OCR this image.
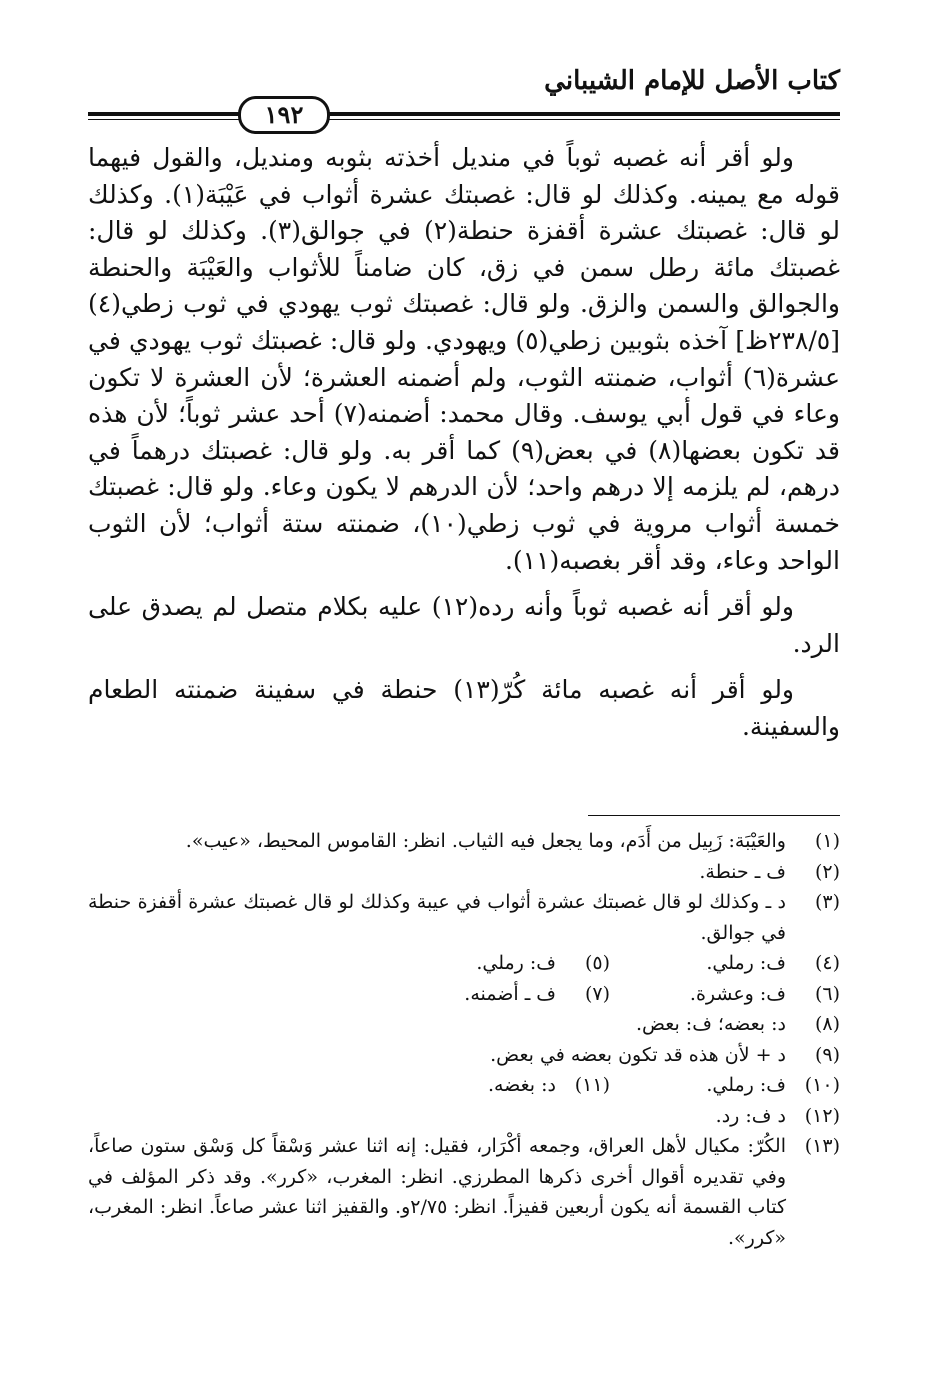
كتاب الأصل للإمام الشيباني
١٩٢

ولو أقر أنه غصبه ثوباً في منديل أخذته بثوبه ومنديل، والقول فيهما قوله مع يمينه. وكذلك لو قال: غصبتك عشرة أثواب في عَيْبَة(١). وكذلك لو قال: غصبتك عشرة أقفزة حنطة(٢) في جوالق(٣). وكذلك لو قال: غصبتك مائة رطل سمن في زق، كان ضامناً للأثواب والعَيْبَة والحنطة والجوالق والسمن والزق. ولو قال: غصبتك ثوب يهودي في ثوب زطي(٤) [٢٣٨/٥ظ] آخذه بثوبين زطي(٥) ويهودي. ولو قال: غصبتك ثوب يهودي في عشرة(٦) أثواب، ضمنته الثوب، ولم أضمنه العشرة؛ لأن العشرة لا تكون وعاء في قول أبي يوسف. وقال محمد: أضمنه(٧) أحد عشر ثوباً؛ لأن هذه قد تكون بعضها(٨) في بعض(٩) كما أقر به. ولو قال: غصبتك درهماً في درهم، لم يلزمه إلا درهم واحد؛ لأن الدرهم لا يكون وعاء. ولو قال: غصبتك خمسة أثواب مروية في ثوب زطي(١٠)، ضمنته ستة أثواب؛ لأن الثوب الواحد وعاء، وقد أقر بغصبه(١١).

ولو أقر أنه غصبه ثوباً وأنه رده(١٢) عليه بكلام متصل لم يصدق على الرد.

ولو أقر أنه غصبه مائة كُرّ(١٣) حنطة في سفينة ضمنته الطعام والسفينة.

(١)
والعَيْبَة: زَبِيل من أَدَم، وما يجعل فيه الثياب. انظر: القاموس المحيط، «عيب».
(٢)
ف ـ حنطة.
(٣)
د ـ وكذلك لو قال غصبتك عشرة أثواب في عيبة وكذلك لو قال غصبتك عشرة أقفزة حنطة في جوالق.
(٤)
ف: رملي.
(٥)
ف: رملي.
(٦)
ف: وعشرة.
(٧)
ف ـ أضمنه.
(٨)
د: بعضه؛ ف: بعض.
(٩)
د + لأن هذه قد تكون بعضه في بعض.
(١٠)
ف: رملي.
(١١)
د: بغضه.
(١٢)
د ف: رد.
(١٣)
الكُرّ: مكيال لأهل العراق، وجمعه أكْرَار، فقيل: إنه اثنا عشر وَسْقاً كل وَسْق ستون صاعاً، وفي تقديره أقوال أخرى ذكرها المطرزي. انظر: المغرب، «كرر». وقد ذكر المؤلف في كتاب القسمة أنه يكون أربعين قفيزاً. انظر: ٢/٧٥و. والقفيز اثنا عشر صاعاً. انظر: المغرب، «كرر».
